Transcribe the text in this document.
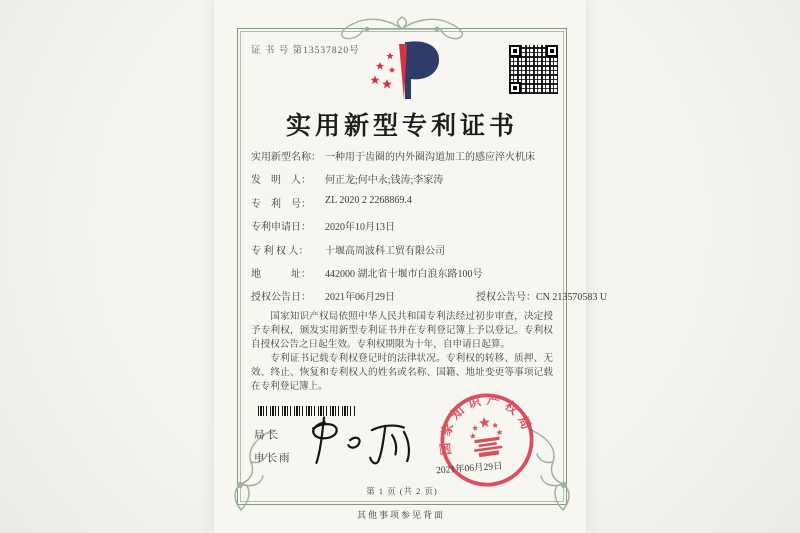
证 书 号 第13537820号
实用新型专利证书
实用新型名称： 一种用于齿圈的内外圈沟道加工的感应淬火机床
发　明　人： 何正龙;何中永;钱涛;李家涛
专　利　号： ZL 2020 2 2268869.4
专利申请日： 2020年10月13日
专 利 权 人： 十堰高周波科工贸有限公司
地　　　址： 442000 湖北省十堰市白浪东路100号
授权公告日： 2021年06月29日	授权公告号：CN 213570583 U

国家知识产权局依照中华人民共和国专利法经过初步审查，决定授予专利权，颁发实用新型专利证书并在专利登记簿上予以登记。专利权自授权公告之日起生效。专利权期限为十年，自申请日起算。

专利证书记载专利权登记时的法律状况。专利权的转移、质押、无效、终止、恢复和专利权人的姓名或名称、国籍、地址变更等事项记载在专利登记簿上。

局长
申长雨
2021年06月29日
国家知识产权局
第 1 页 (共 2 页)
其他事项参见背面
